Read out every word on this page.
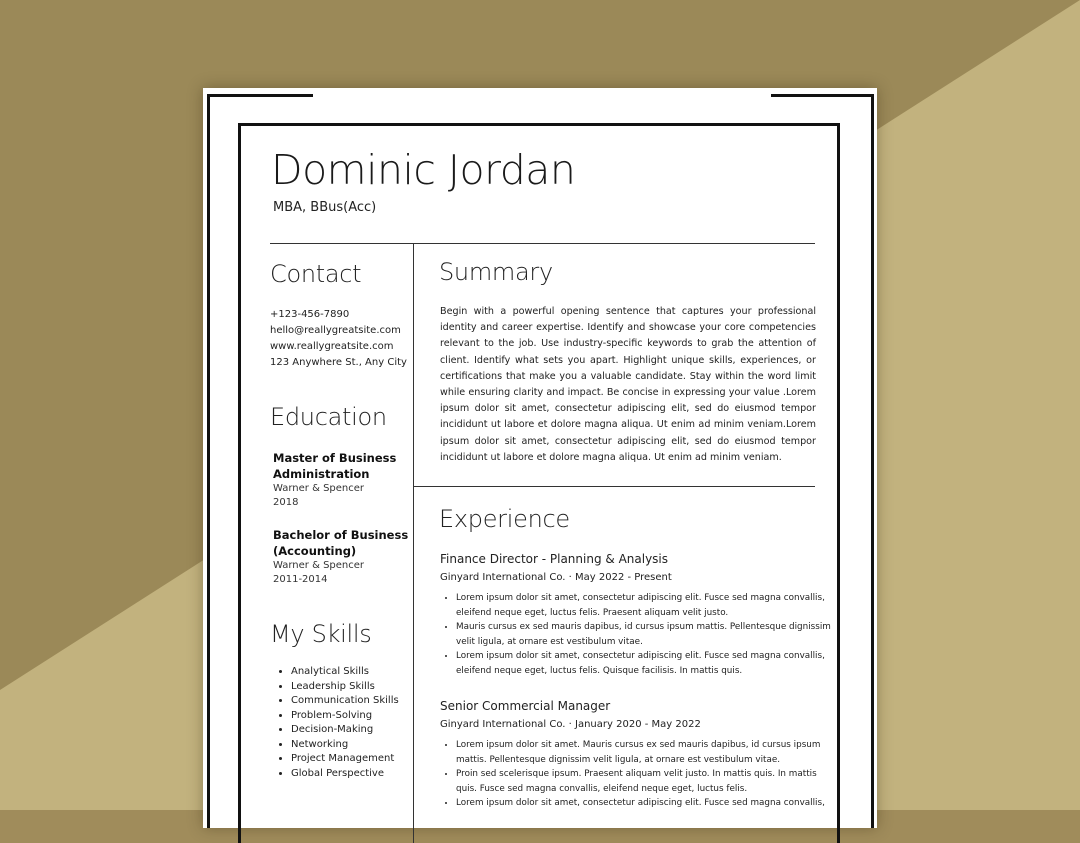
Dominic Jordan
MBA, BBus(Acc)
Contact
+123-456-7890
hello@reallygreatsite.com
www.reallygreatsite.com
123 Anywhere St., Any City
Education
Master of Business
Administration
Warner & Spencer
2018
Bachelor of Business
(Accounting)
Warner & Spencer
2011-2014
My Skills
• Analytical Skills
• Leadership Skills
• Communication Skills
• Problem-Solving
• Decision-Making
• Networking
• Project Management
• Global Perspective
Summary
Begin with a powerful opening sentence that captures your professional identity and career expertise. Identify and showcase your core competencies relevant to the job. Use industry-specific keywords to grab the attention of client. Identify what sets you apart. Highlight unique skills, experiences, or certifications that make you a valuable candidate. Stay within the word limit while ensuring clarity and impact. Be concise in expressing your value .Lorem ipsum dolor sit amet, consectetur adipiscing elit, sed do eiusmod tempor incididunt ut labore et dolore magna aliqua. Ut enim ad minim veniam.Lorem ipsum dolor sit amet, consectetur adipiscing elit, sed do eiusmod tempor incididunt ut labore et dolore magna aliqua. Ut enim ad minim veniam.
Experience
Finance Director - Planning & Analysis
Ginyard International Co. · May 2022 - Present
• Lorem ipsum dolor sit amet, consectetur adipiscing elit. Fusce sed magna convallis, eleifend neque eget, luctus felis. Praesent aliquam velit justo.
• Mauris cursus ex sed mauris dapibus, id cursus ipsum mattis. Pellentesque dignissim velit ligula, at ornare est vestibulum vitae.
• Lorem ipsum dolor sit amet, consectetur adipiscing elit. Fusce sed magna convallis, eleifend neque eget, luctus felis. Quisque facilisis. In mattis quis.
Senior Commercial Manager
Ginyard International Co. · January 2020 - May 2022
• Lorem ipsum dolor sit amet. Mauris cursus ex sed mauris dapibus, id cursus ipsum mattis. Pellentesque dignissim velit ligula, at ornare est vestibulum vitae.
• Proin sed scelerisque ipsum. Praesent aliquam velit justo. In mattis quis. In mattis quis. Fusce sed magna convallis, eleifend neque eget, luctus felis.
• Lorem ipsum dolor sit amet, consectetur adipiscing elit. Fusce sed magna convallis,
